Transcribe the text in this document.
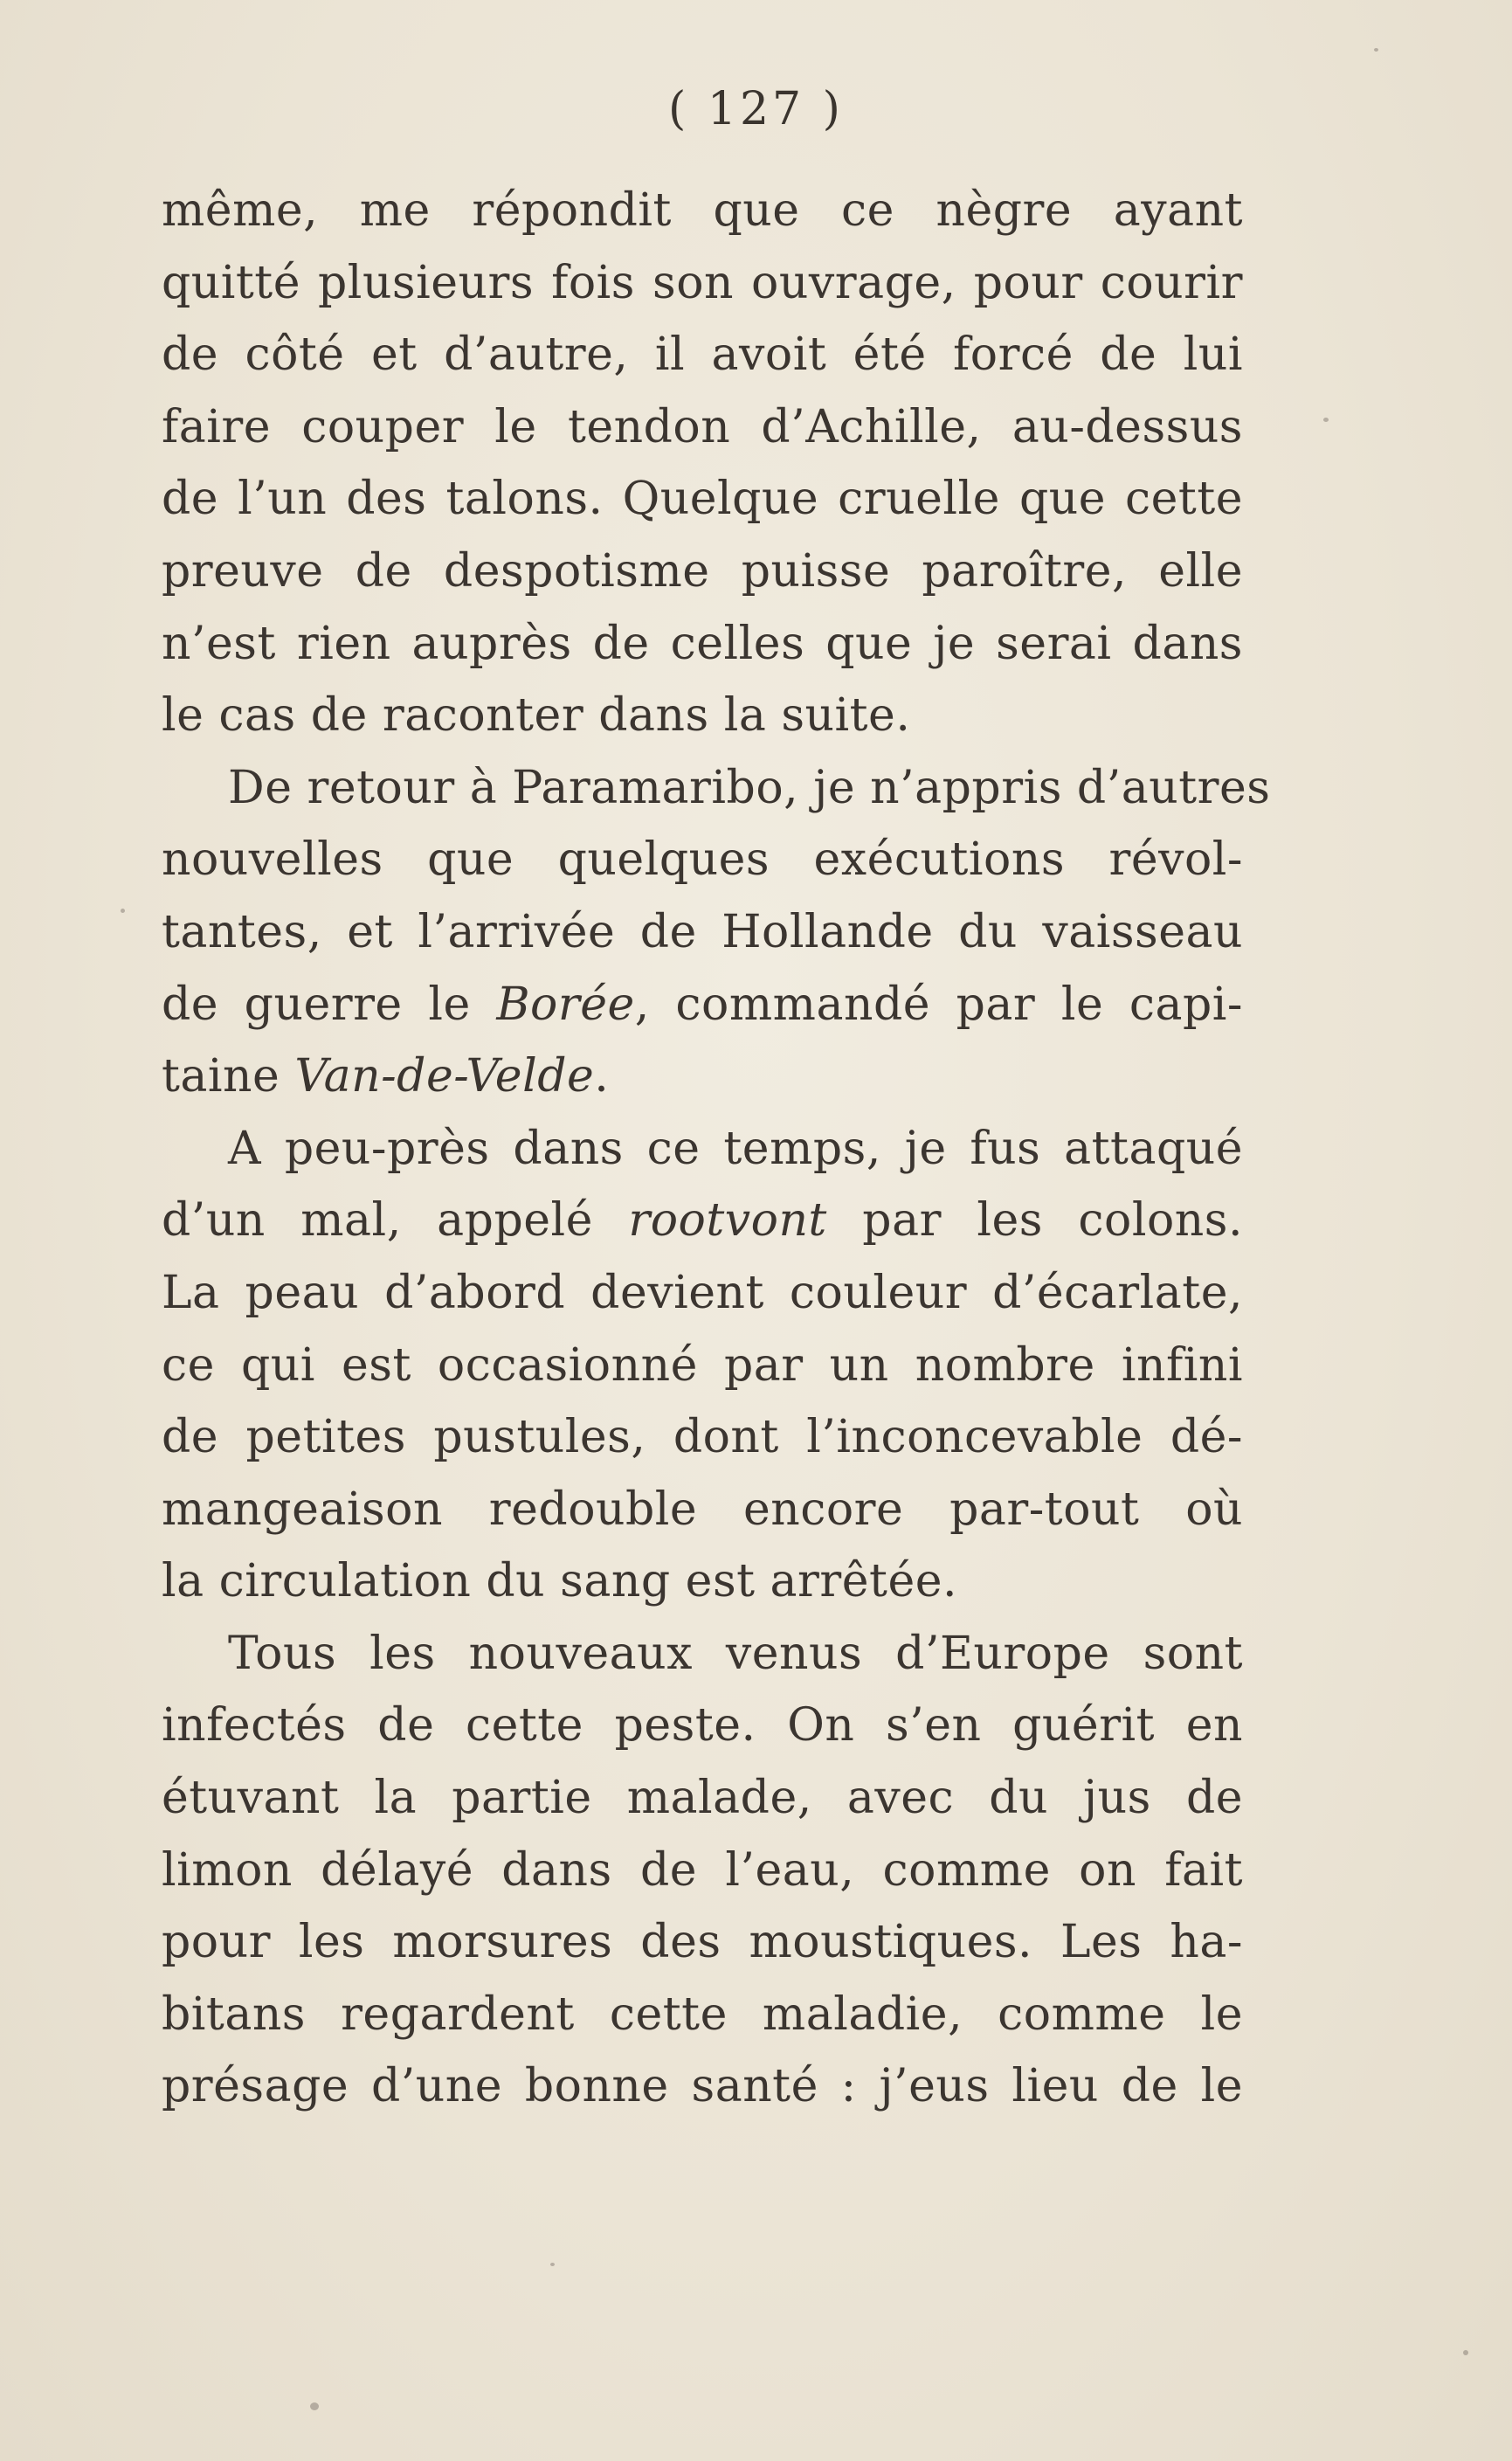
( 127 )
même, me répondit que ce nègre ayant
quitté plusieurs fois son ouvrage, pour courir
de côté et d’autre, il avoit été forcé de lui
faire couper le tendon d’Achille, au-dessus
de l’un des talons. Quelque cruelle que cette
preuve de despotisme puisse paroître, elle
n’est rien auprès de celles que je serai dans
le cas de raconter dans la suite.
De retour à Paramaribo, je n’appris d’autres
nouvelles que quelques exécutions révol-
tantes, et l’arrivée de Hollande du vaisseau
de guerre le Borée, commandé par le capi-
taine Van-de-Velde.
A peu-près dans ce temps, je fus attaqué
d’un mal, appelé rootvont par les colons.
La peau d’abord devient couleur d’écarlate,
ce qui est occasionné par un nombre infini
de petites pustules, dont l’inconcevable dé-
mangeaison redouble encore par-tout où
la circulation du sang est arrêtée.
Tous les nouveaux venus d’Europe sont
infectés de cette peste. On s’en guérit en
étuvant la partie malade, avec du jus de
limon délayé dans de l’eau, comme on fait
pour les morsures des moustiques. Les ha-
bitans regardent cette maladie, comme le
présage d’une bonne santé : j’eus lieu de le
